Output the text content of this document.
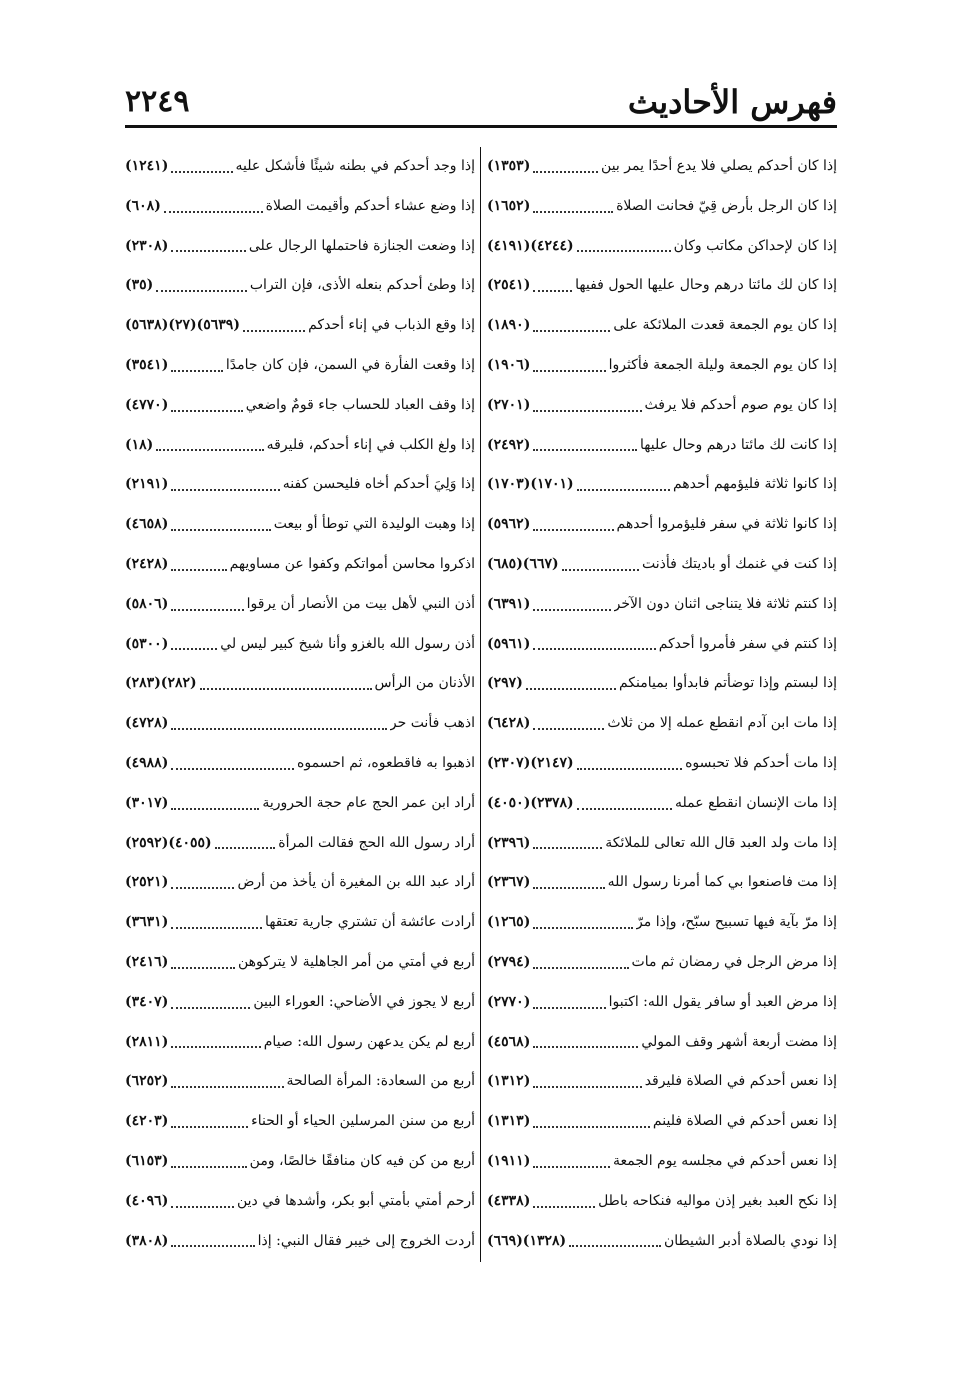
فهرس الأحاديث
٢٢٤٩
إذا كان أحدكم يصلي فلا يدع أحدًا يمر بين
(١٣٥٣)
إذا كان الرجل بأرض قِيّ فحانت الصلاة
(١٦٥٢)
إذا كان لإحداكن مكاتب وكان
(٤٢٤٤)(٤١٩١)
إذا كان لك مائتا درهم وحال عليها الحول ففيها
(٢٥٤١)
إذا كان يوم الجمعة قعدت الملائكة على
(١٨٩٠)
إذا كان يوم الجمعة وليلة الجمعة فأكثروا
(١٩٠٦)
إذا كان يوم صوم أحدكم فلا يرفث
(٢٧٠١)
إذا كانت لك مائتا درهم وحال عليها
(٢٤٩٢)
إذا كانوا ثلاثة فليؤمهم أحدهم
(١٧٠١)(١٧٠٣)
إذا كانوا ثلاثة في سفر فليؤمروا أحدهم
(٥٩٦٢)
إذا كنت في غنمك أو باديتك فأذنت
(٦٦٧)(٦٨٥)
إذا كنتم ثلاثة فلا يتناجى اثنان دون الآخر
(٦٣٩١)
إذا كنتم في سفر فأمروا أحدكم
(٥٩٦١)
إذا لبستم وإذا توضأتم فابدأوا بميامنكم
(٢٩٧)
إذا مات ابن آدم انقطع عمله إلا من ثلاث
(٦٤٢٨)
إذا مات أحدكم فلا تحبسوه
(٢١٤٧)(٢٣٠٧)
إذا مات الإنسان انقطع عمله
(٢٣٧٨)(٤٠٥٠)
إذا مات ولد العبد قال الله تعالى للملائكة
(٢٣٩٦)
إذا مت فاصنعوا بي كما أمرنا رسول الله
(٢٣٦٧)
إذا مرّ بآية فيها تسبيح سبّح، وإذا مرّ
(١٢٦٥)
إذا مرض الرجل في رمضان ثم مات
(٢٧٩٤)
إذا مرض العبد أو سافر يقول الله: اكتبوا
(٢٧٧٠)
إذا مضت أربعة أشهر وقف المولي
(٤٥٦٨)
إذا نعس أحدكم في الصلاة فليرقد
(١٣١٢)
إذا نعس أحدكم في الصلاة فلينم
(١٣١٣)
إذا نعس أحدكم في مجلسه يوم الجمعة
(١٩١١)
إذا نكح العبد بغير إذن مواليه فنكاحه باطل
(٤٣٣٨)
إذا نودي بالصلاة أدبر الشيطان
(١٣٢٨)(٦٦٩)
إذا وجد أحدكم في بطنه شيئًا فأشكل عليه
(١٢٤١)
إذا وضع عشاء أحدكم وأقيمت الصلاة
(٦٠٨)
إذا وضعت الجنازة فاحتملها الرجال على
(٢٣٠٨)
إذا وطئ أحدكم بنعله الأذى، فإن التراب
(٣٥)
إذا وقع الذباب في إناء أحدكم
(٥٦٣٩)(٢٧)(٥٦٣٨)
إذا وقعت الفأرة في السمن، فإن كان جامدًا
(٣٥٤١)
إذا وقف العباد للحساب جاء قومٌ واضعي
(٤٧٧٠)
إذا ولغ الكلب في إناء أحدكم، فليرقه
(١٨)
إذا وَلِيَ أحدكم أخاه فليحسن كفنه
(٢١٩١)
إذا وهبت الوليدة التي توطأ أو بيعت
(٤٦٥٨)
اذكروا محاسن أمواتكم وكفوا عن مساويهم
(٢٤٢٨)
أذن النبي لأهل بيت من الأنصار أن يرقوا
(٥٨٠٦)
أذن رسول الله بالغزو وأنا شيخ كبير ليس لي
(٥٣٠٠)
الأذنان من الرأس
(٢٨٢)(٢٨٣)
اذهب فأنت حر
(٤٧٢٨)
اذهبوا به فاقطعوه، ثم احسموه
(٤٩٨٨)
أراد ابن عمر الحج عام حجة الحرورية
(٣٠١٧)
أراد رسول الله الحج فقالت المرأة
(٤٠٥٥)(٢٥٩٢)
أراد عبد الله بن المغيرة أن يأخذ من أرض
(٢٥٢١)
أرادت عائشة أن تشتري جارية تعتقها
(٣٦٣١)
أربع في أمتي من أمر الجاهلية لا يتركوهن
(٢٤١٦)
أربع لا يجوز في الأضاحي: العوراء البين
(٣٤٠٧)
أربع لم يكن يدعهن رسول الله: صيام
(٢٨١١)
أربع من السعادة: المرأة الصالحة
(٦٢٥٢)
أربع من سنن المرسلين الحياء أو الحناء
(٤٢٠٣)
أربع من كن فيه كان منافقًا خالصًا، ومن
(٦١٥٣)
أرحم أمتي بأمتي أبو بكر، وأشدها في دين
(٤٠٩٦)
أردت الخروج إلى خيبر فقال النبي: إذا
(٣٨٠٨)
